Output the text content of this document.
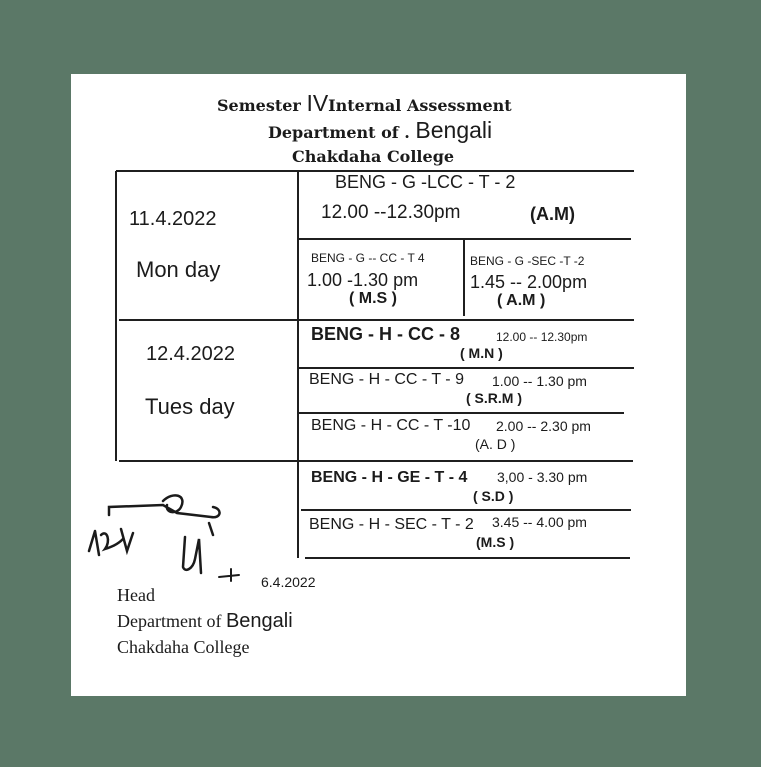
Semester IVInternal Assessment
Department of . Bengali
Chakdaha College
11.4.2022
Mon day
BENG - G -LCC - T - 2
12.00 --12.30pm	(A.M)
BENG - G -- CC - T 4
1.00 -1.30 pm
( M.S )
BENG - G -SEC -T -2
1.45 -- 2.00pm
( A.M )
12.4.2022
Tues day
BENG - H - CC - 8	12.00 -- 12.30pm
( M.N )
BENG - H - CC - T - 9 1.00 -- 1.30 pm
( S.R.M )
BENG - H - CC - T -10 2.00 -- 2.30 pm
(A. D )
BENG - H - GE - T - 4 3,00 - 3.30 pm
( S.D )
BENG - H - SEC - T - 2 3.45 -- 4.00 pm
(M.S )
6.4.2022
Head
Department of Bengali
Chakdaha College
